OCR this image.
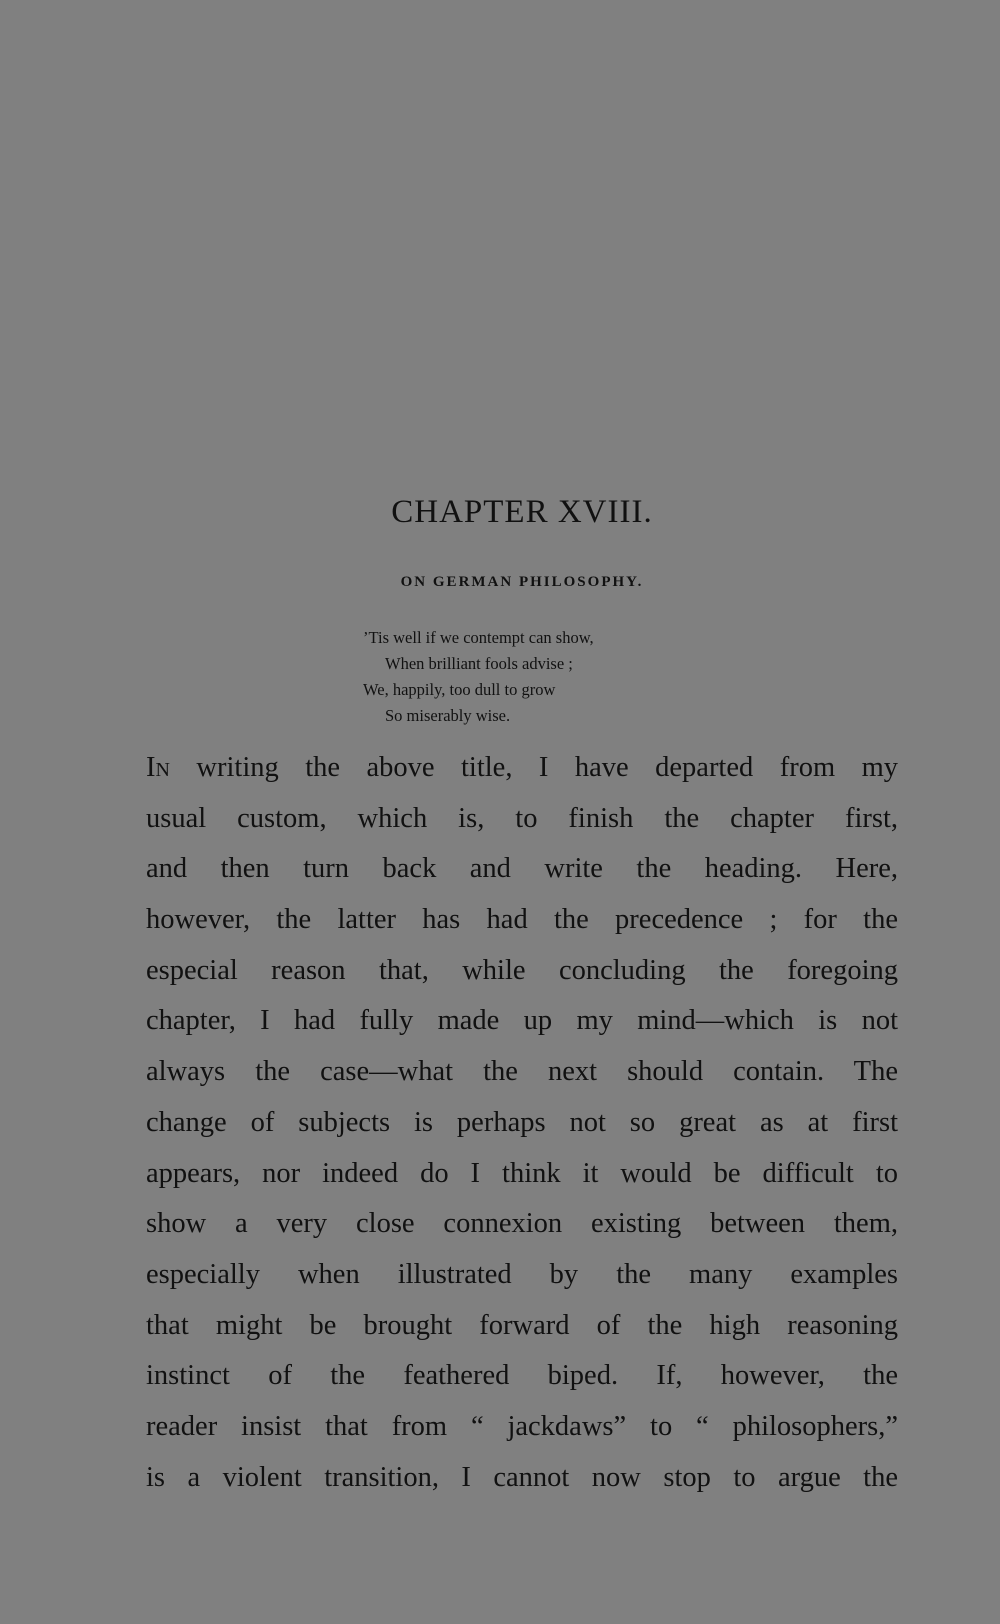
CHAPTER XVIII.
ON GERMAN PHILOSOPHY.
’Tis well if we contempt can show,
When brilliant fools advise ;
We, happily, too dull to grow
So miserably wise.
In writing the above title, I have departed from my
usual custom, which is, to finish the chapter first,
and then turn back and write the heading. Here,
however, the latter has had the precedence ; for the
especial reason that, while concluding the foregoing
chapter, I had fully made up my mind—which is not
always the case—what the next should contain. The
change of subjects is perhaps not so great as at first
appears, nor indeed do I think it would be difficult to
show a very close connexion existing between them,
especially when illustrated by the many examples
that might be brought forward of the high reasoning
instinct of the feathered biped. If, however, the
reader insist that from “ jackdaws” to “ philosophers,”
is a violent transition, I cannot now stop to argue the
